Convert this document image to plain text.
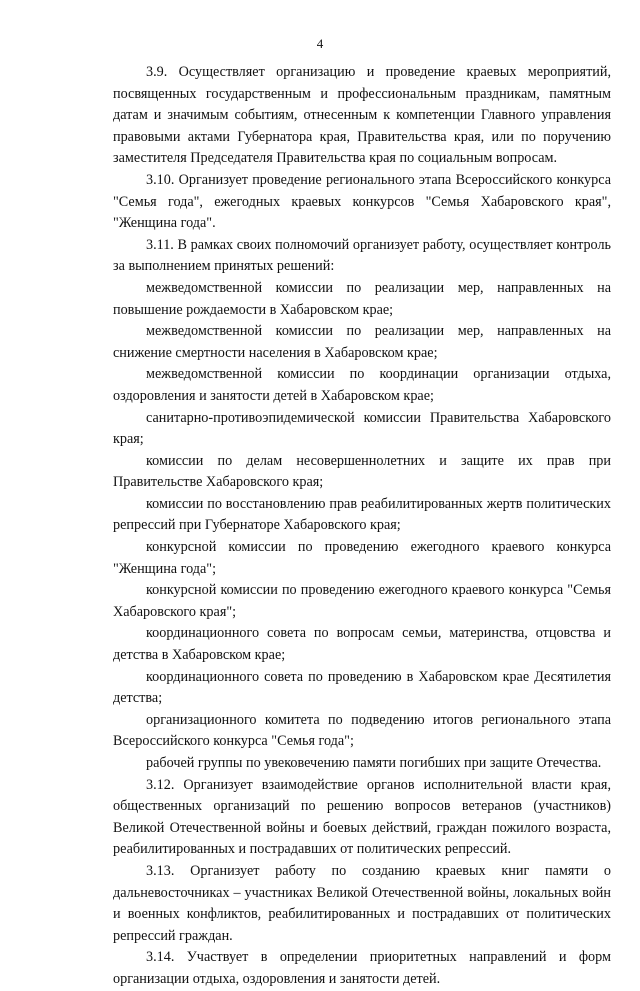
4

3.9. Осуществляет организацию и проведение краевых мероприятий, посвященных государственным и профессиональным праздникам, памятным датам и значимым событиям, отнесенным к компетенции Главного управления правовыми актами Губернатора края, Правительства края, или по поручению заместителя Председателя Правительства края по социальным вопросам.

3.10. Организует проведение регионального этапа Всероссийского конкурса "Семья года", ежегодных краевых конкурсов "Семья Хабаровского края", "Женщина года".

3.11. В рамках своих полномочий организует работу, осуществляет контроль за выполнением принятых решений:

межведомственной комиссии по реализации мер, направленных на повышение рождаемости в Хабаровском крае;

межведомственной комиссии по реализации мер, направленных на снижение смертности населения в Хабаровском крае;

межведомственной комиссии по координации организации отдыха, оздоровления и занятости детей в Хабаровском крае;

санитарно-противоэпидемической комиссии Правительства Хабаровского края;

комиссии по делам несовершеннолетних и защите их прав при Правительстве Хабаровского края;

комиссии по восстановлению прав реабилитированных жертв политических репрессий при Губернаторе Хабаровского края;

конкурсной комиссии по проведению ежегодного краевого конкурса "Женщина года";

конкурсной комиссии по проведению ежегодного краевого конкурса "Семья Хабаровского края";

координационного совета по вопросам семьи, материнства, отцовства и детства в Хабаровском крае;

координационного совета по проведению в Хабаровском крае Десятилетия детства;

организационного комитета по подведению итогов регионального этапа Всероссийского конкурса "Семья года";

рабочей группы по увековечению памяти погибших при защите Отечества.

3.12. Организует взаимодействие органов исполнительной власти края, общественных организаций по решению вопросов ветеранов (участников) Великой Отечественной войны и боевых действий, граждан пожилого возраста, реабилитированных и пострадавших от политических репрессий.

3.13. Организует работу по созданию краевых книг памяти о дальневосточниках – участниках Великой Отечественной войны, локальных войн и военных конфликтов, реабилитированных и пострадавших от политических репрессий граждан.

3.14. Участвует в определении приоритетных направлений и форм организации отдыха, оздоровления и занятости детей.
